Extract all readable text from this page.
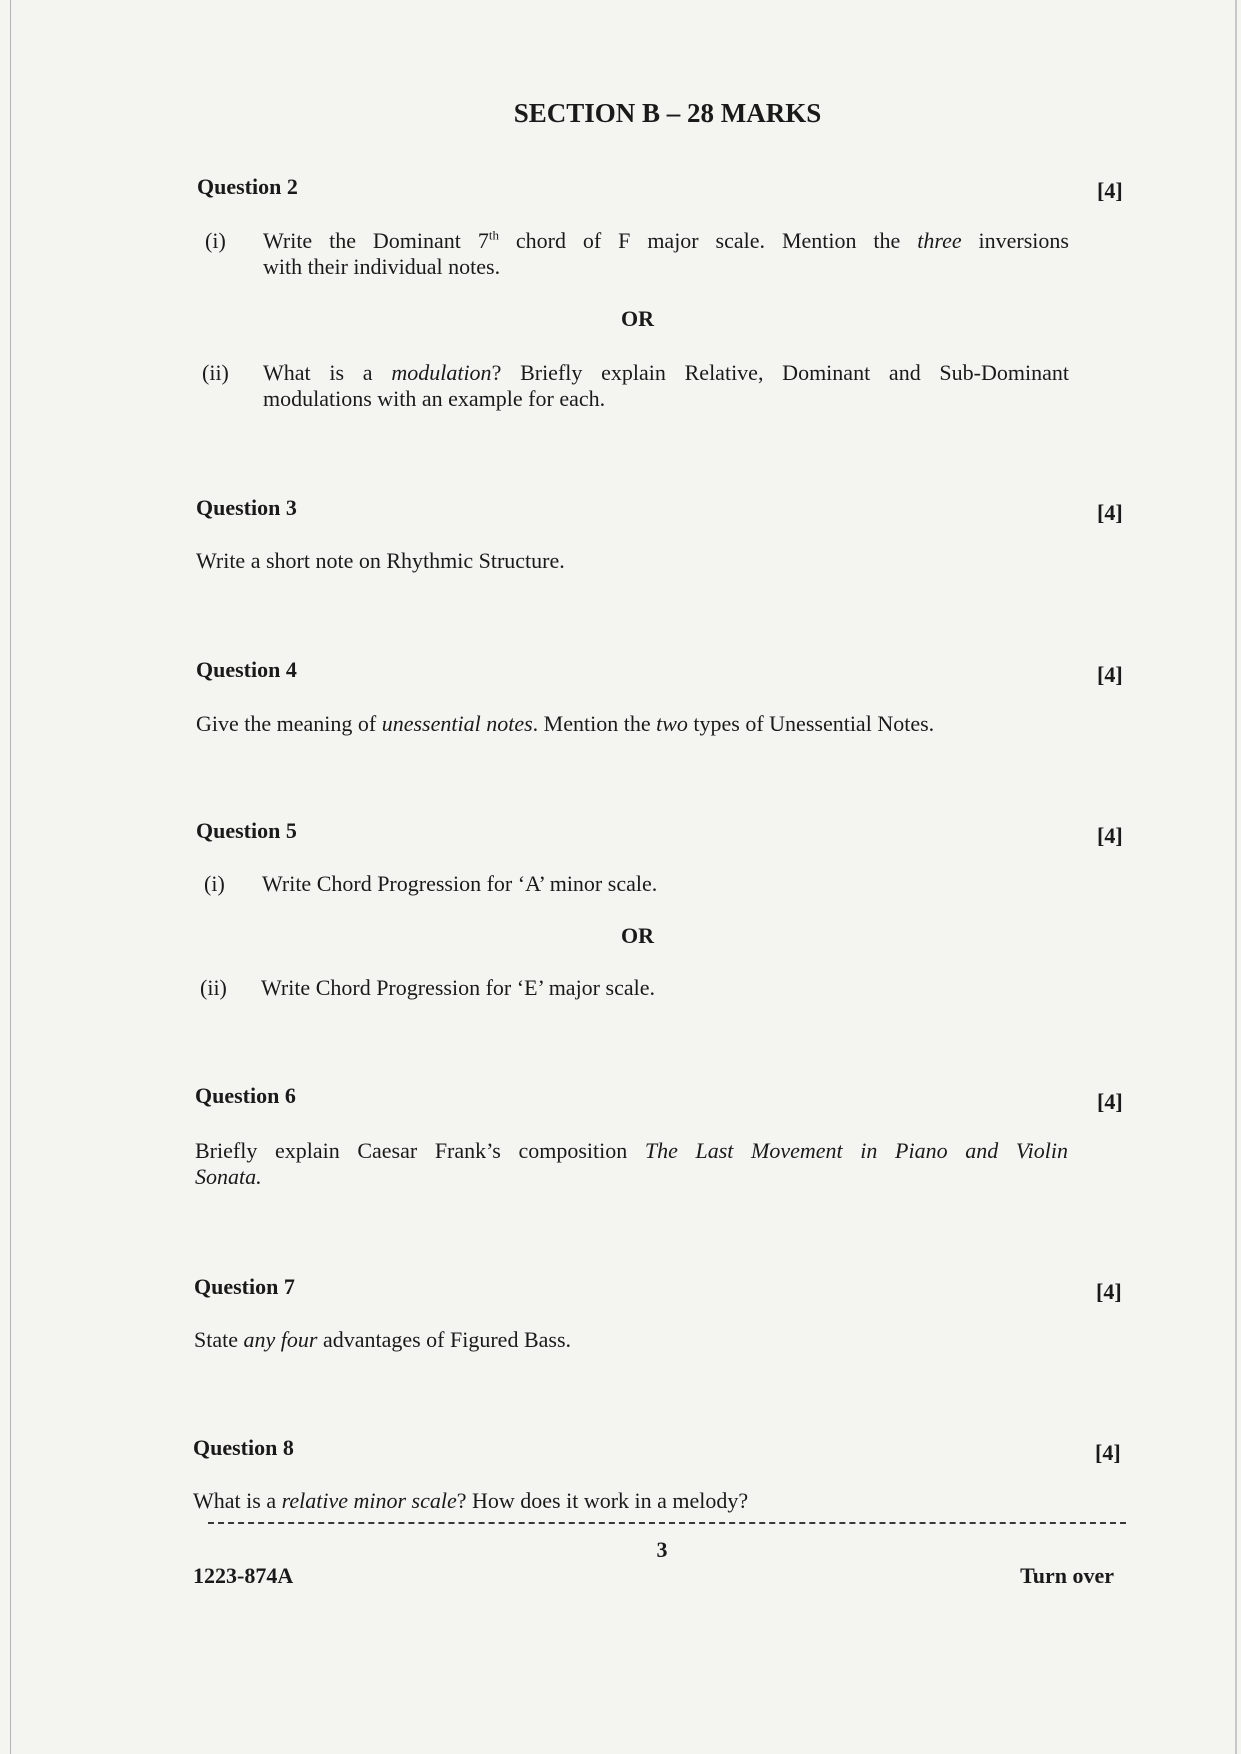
SECTION B – 28 MARKS
Question 2	[4]
(i) Write the Dominant 7th chord of F major scale. Mention the three inversions
with their individual notes.
OR
(ii) What is a modulation? Briefly explain Relative, Dominant and Sub-Dominant
modulations with an example for each.
Question 3	[4]
Write a short note on Rhythmic Structure.
Question 4	[4]
Give the meaning of unessential notes. Mention the two types of Unessential Notes.
Question 5	[4]
(i) Write Chord Progression for ‘A’ minor scale.
OR
(ii) Write Chord Progression for ‘E’ major scale.
Question 6	[4]
Briefly explain Caesar Frank’s composition The Last Movement in Piano and Violin
Sonata.
Question 7	[4]
State any four advantages of Figured Bass.
Question 8	[4]
What is a relative minor scale? How does it work in a melody?
3
1223-874A	Turn over
